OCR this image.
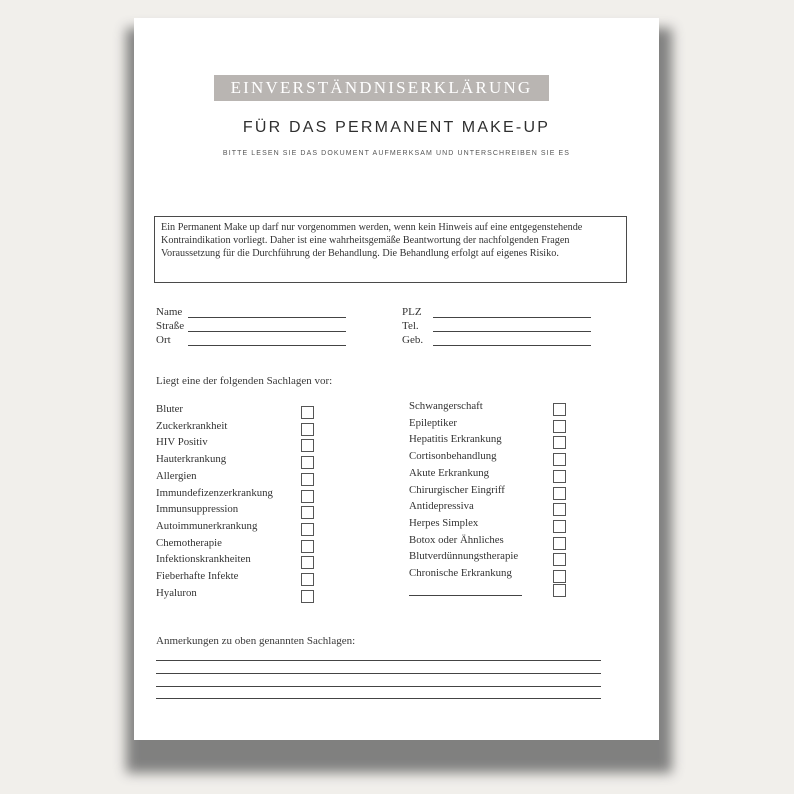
EINVERSTÄNDNISERKLÄRUNG
FÜR DAS PERMANENT MAKE-UP
BITTE LESEN SIE DAS DOKUMENT AUFMERKSAM UND UNTERSCHREIBEN SIE ES
Ein Permanent Make up darf nur vorgenommen werden, wenn kein Hinweis auf eine entgegenstehende Kontraindikation vorliegt. Daher ist eine wahrheitsgemäße Beantwortung der nachfolgenden Fragen Voraussetzung für die Durchführung der Behandlung. Die Behandlung erfolgt auf eigenes Risiko.
Name
Straße
Ort
PLZ
Tel.
Geb.
Liegt eine der folgenden Sachlagen vor:
Bluter
Zuckerkrankheit
HIV Positiv
Hauterkrankung
Allergien
Immundefizenzerkrankung
Immunsuppression
Autoimmunerkrankung
Chemotherapie
Infektionskrankheiten
Fieberhafte Infekte
Hyaluron
Schwangerschaft
Epileptiker
Hepatitis Erkrankung
Cortisonbehandlung
Akute Erkrankung
Chirurgischer Eingriff
Antidepressiva
Herpes Simplex
Botox oder Ähnliches
Blutverdünnungstherapie
Chronische Erkrankung
Anmerkungen zu oben genannten Sachlagen:
